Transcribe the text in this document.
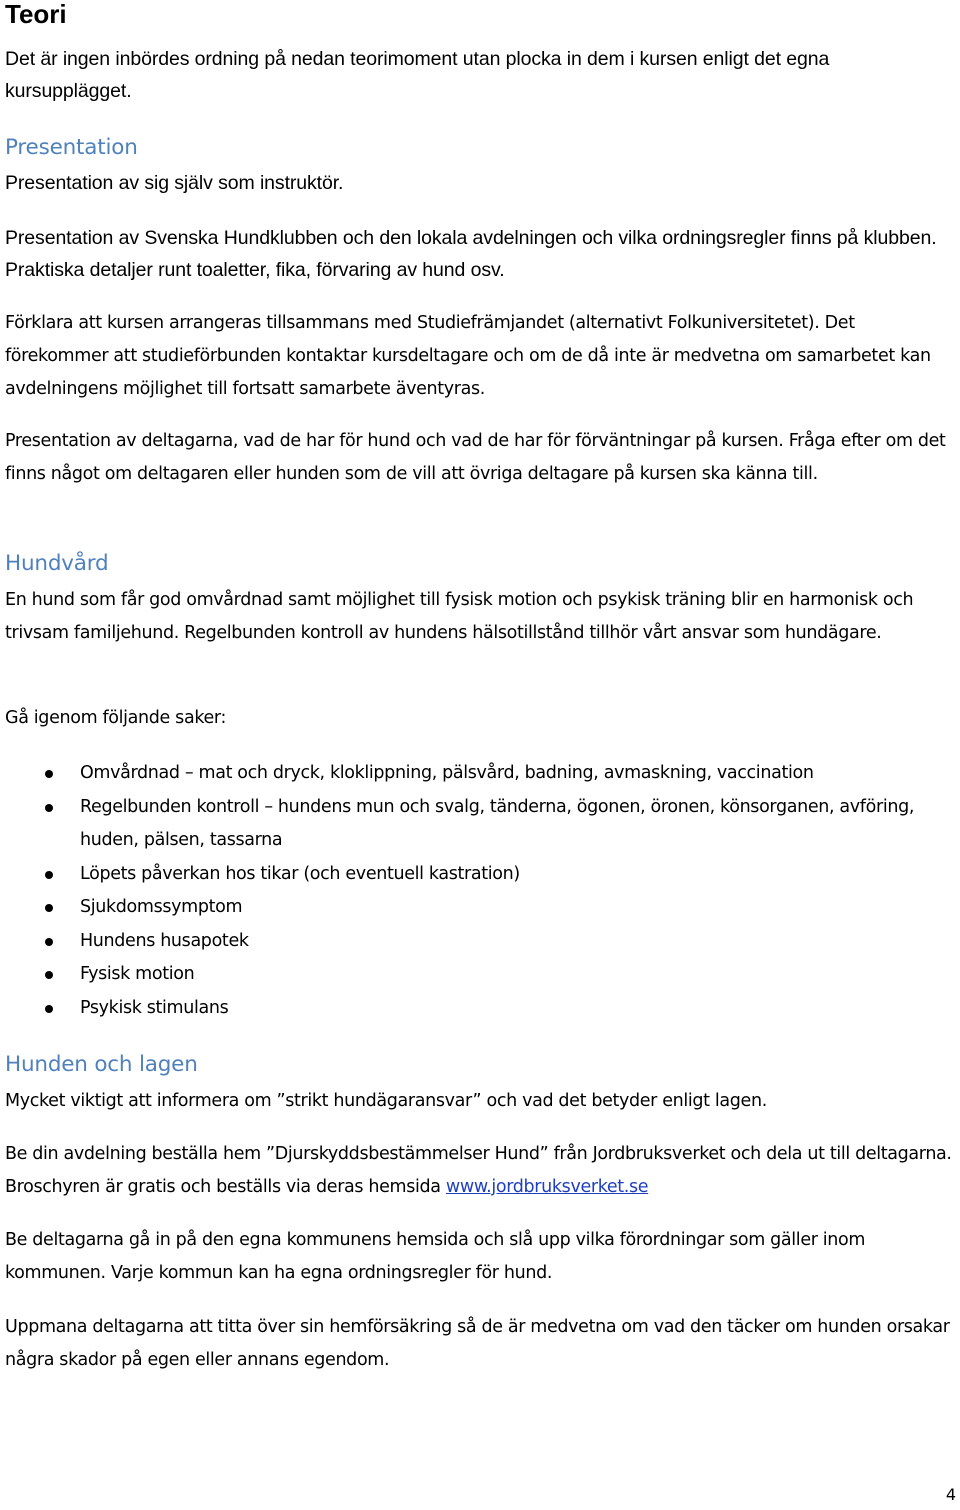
Teori

Det är ingen inbördes ordning på nedan teorimoment utan plocka in dem i kursen enligt det egna kursupplägget.

Presentation

Presentation av sig själv som instruktör.

Presentation av Svenska Hundklubben och den lokala avdelningen och vilka ordningsregler finns på klubben. Praktiska detaljer runt toaletter, fika, förvaring av hund osv.

Förklara att kursen arrangeras tillsammans med Studiefrämjandet (alternativt Folkuniversitetet). Det förekommer att studieförbunden kontaktar kursdeltagare och om de då inte är medvetna om samarbetet kan avdelningens möjlighet till fortsatt samarbete äventyras.

Presentation av deltagarna, vad de har för hund och vad de har för förväntningar på kursen. Fråga efter om det finns något om deltagaren eller hunden som de vill att övriga deltagare på kursen ska känna till.

Hundvård

En hund som får god omvårdnad samt möjlighet till fysisk motion och psykisk träning blir en harmonisk och trivsam familjehund. Regelbunden kontroll av hundens hälsotillstånd tillhör vårt ansvar som hundägare.

Gå igenom följande saker:

Omvårdnad – mat och dryck, kloklippning, pälsvård, badning, avmaskning, vaccination
Regelbunden kontroll – hundens mun och svalg, tänderna, ögonen, öronen, könsorganen, avföring, huden, pälsen, tassarna
Löpets påverkan hos tikar (och eventuell kastration)
Sjukdomssymptom
Hundens husapotek
Fysisk motion
Psykisk stimulans
Hunden och lagen

Mycket viktigt att informera om ”strikt hundägaransvar” och vad det betyder enligt lagen.

Be din avdelning beställa hem ”Djurskyddsbestämmelser Hund” från Jordbruksverket och dela ut till deltagarna. Broschyren är gratis och beställs via deras hemsida www.jordbruksverket.se

Be deltagarna gå in på den egna kommunens hemsida och slå upp vilka förordningar som gäller inom kommunen. Varje kommun kan ha egna ordningsregler för hund.

Uppmana deltagarna att titta över sin hemförsäkring så de är medvetna om vad den täcker om hunden orsakar några skador på egen eller annans egendom.

4
